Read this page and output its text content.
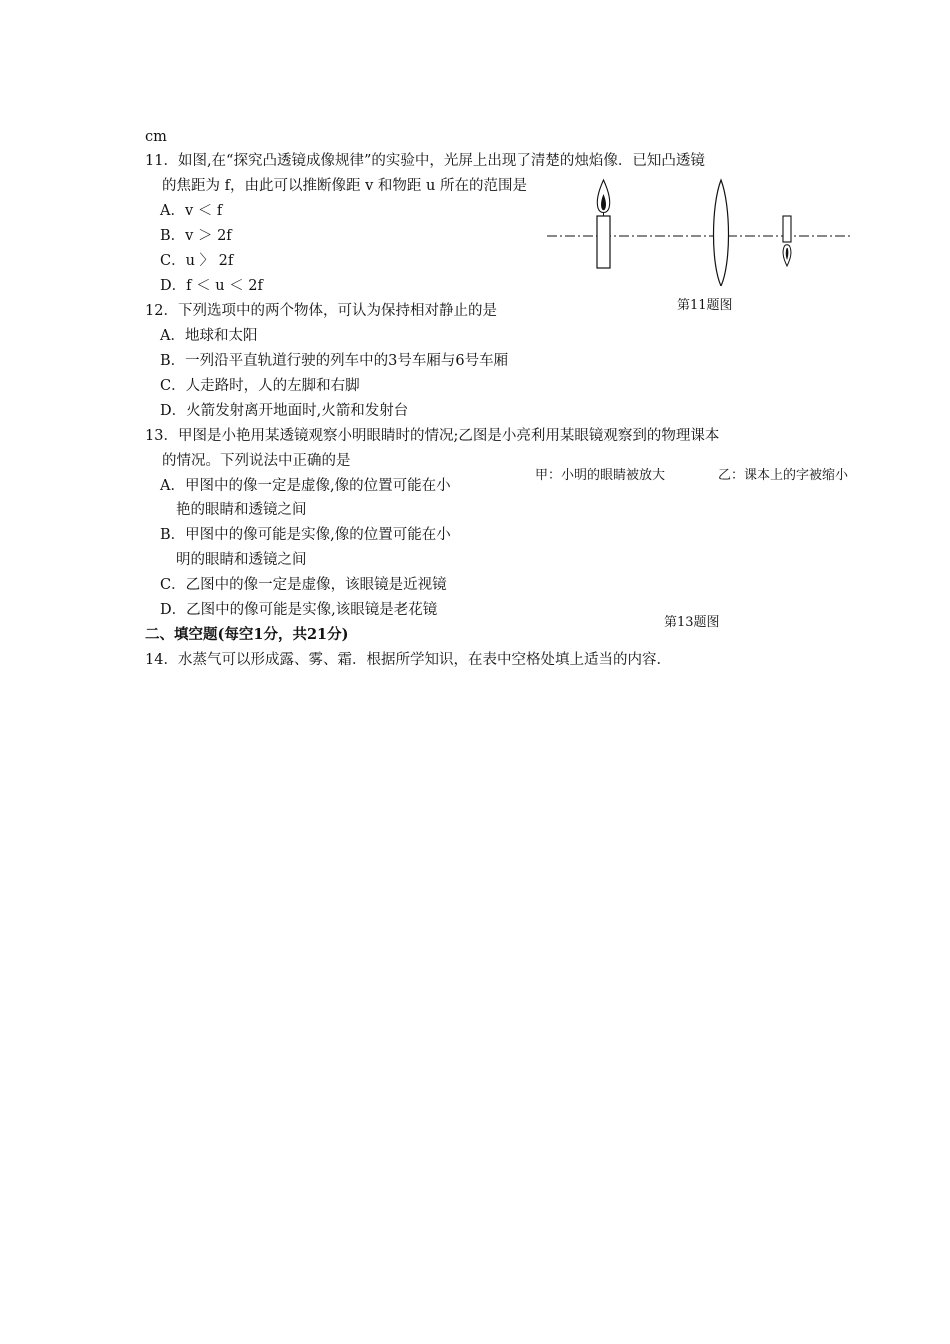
cm
11．如图,在“探究凸透镜成像规律”的实验中，光屏上出现了清楚的烛焰像．已知凸透镜
的焦距为 f，由此可以推断像距 v 和物距 u 所在的范围是
A．v ＜ f
B．v ＞ 2f
C．u 〉 2f
D．f ＜ u ＜ 2f
第11题图
12．下列选项中的两个物体，可认为保持相对静止的是
A．地球和太阳
B．一列沿平直轨道行驶的列车中的3号车厢与6号车厢
C．人走路时，人的左脚和右脚
D．火箭发射离开地面时,火箭和发射台
13．甲图是小艳用某透镜观察小明眼睛时的情况;乙图是小亮利用某眼镜观察到的物理课本
的情况。下列说法中正确的是
A．甲图中的像一定是虚像,像的位置可能在小
艳的眼睛和透镜之间
B．甲图中的像可能是实像,像的位置可能在小
明的眼睛和透镜之间
C．乙图中的像一定是虚像，该眼镜是近视镜
D．乙图中的像可能是实像,该眼镜是老花镜
甲：小明的眼睛被放大	乙：课本上的字被缩小
第13题图
二、填空题(每空1分，共21分)
14．水蒸气可以形成露、雾、霜．根据所学知识，在表中空格处填上适当的内容．
